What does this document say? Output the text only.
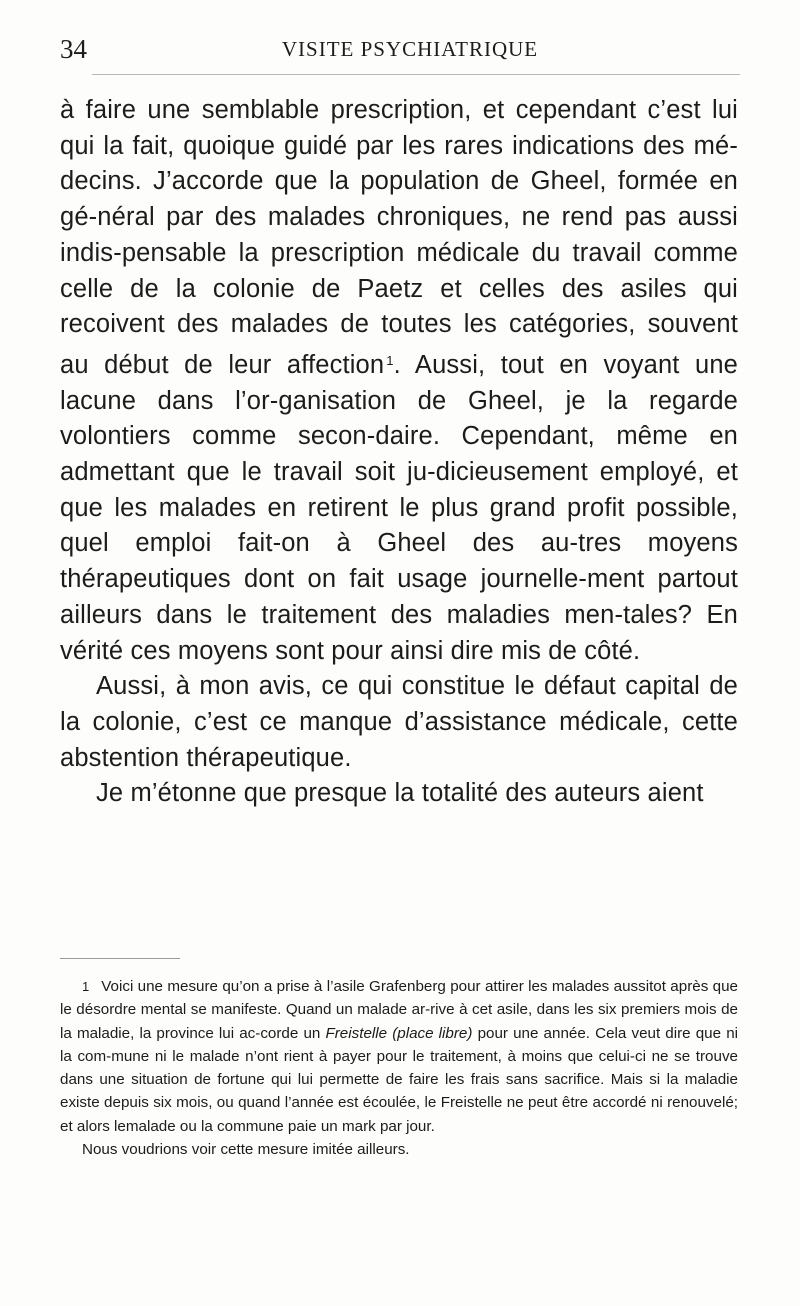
34	VISITE PSYCHIATRIQUE

à faire une semblable prescription, et cependant c’est lui qui la fait, quoique guidé par les rares indications des mé-decins. J’accorde que la population de Gheel, formée en gé-néral par des malades chroniques, ne rend pas aussi indis-pensable la prescription médicale du travail comme celle de la colonie de Paetz et celles des asiles qui recoivent des malades de toutes les catégories, souvent au début de leur affection $^1$. Aussi, tout en voyant une lacune dans l’or-ganisation de Gheel, je la regarde volontiers comme secon-daire. Cependant, même en admettant que le travail soit ju-dicieusement employé, et que les malades en retirent le plus grand profit possible, quel emploi fait-on à Gheel des au-tres moyens thérapeutiques dont on fait usage journelle-ment partout ailleurs dans le traitement des maladies men-tales? En vérité ces moyens sont pour ainsi dire mis de côté.

Aussi, à mon avis, ce qui constitue le défaut capital de la colonie, c’est ce manque d’assistance médicale, cette abstention thérapeutique.

Je m’étonne que presque la totalité des auteurs aient

1 Voici une mesure qu’on a prise à l’asile Grafenberg pour attirer les malades aussitot après que le désordre mental se manifeste. Quand un malade ar-rive à cet asile, dans les six premiers mois de la maladie, la province lui ac-corde un Freistelle (place libre) pour une année. Cela veut dire que ni la com-mune ni le malade n’ont rient à payer pour le traitement, à moins que celui-ci ne se trouve dans une situation de fortune qui lui permette de faire les frais sans sacrifice. Mais si la maladie existe depuis six mois, ou quand l’année est écoulée, le Freistelle ne peut être accordé ni renouvelé; et alors lemalade ou la commune paie un mark par jour.

Nous voudrions voir cette mesure imitée ailleurs.
